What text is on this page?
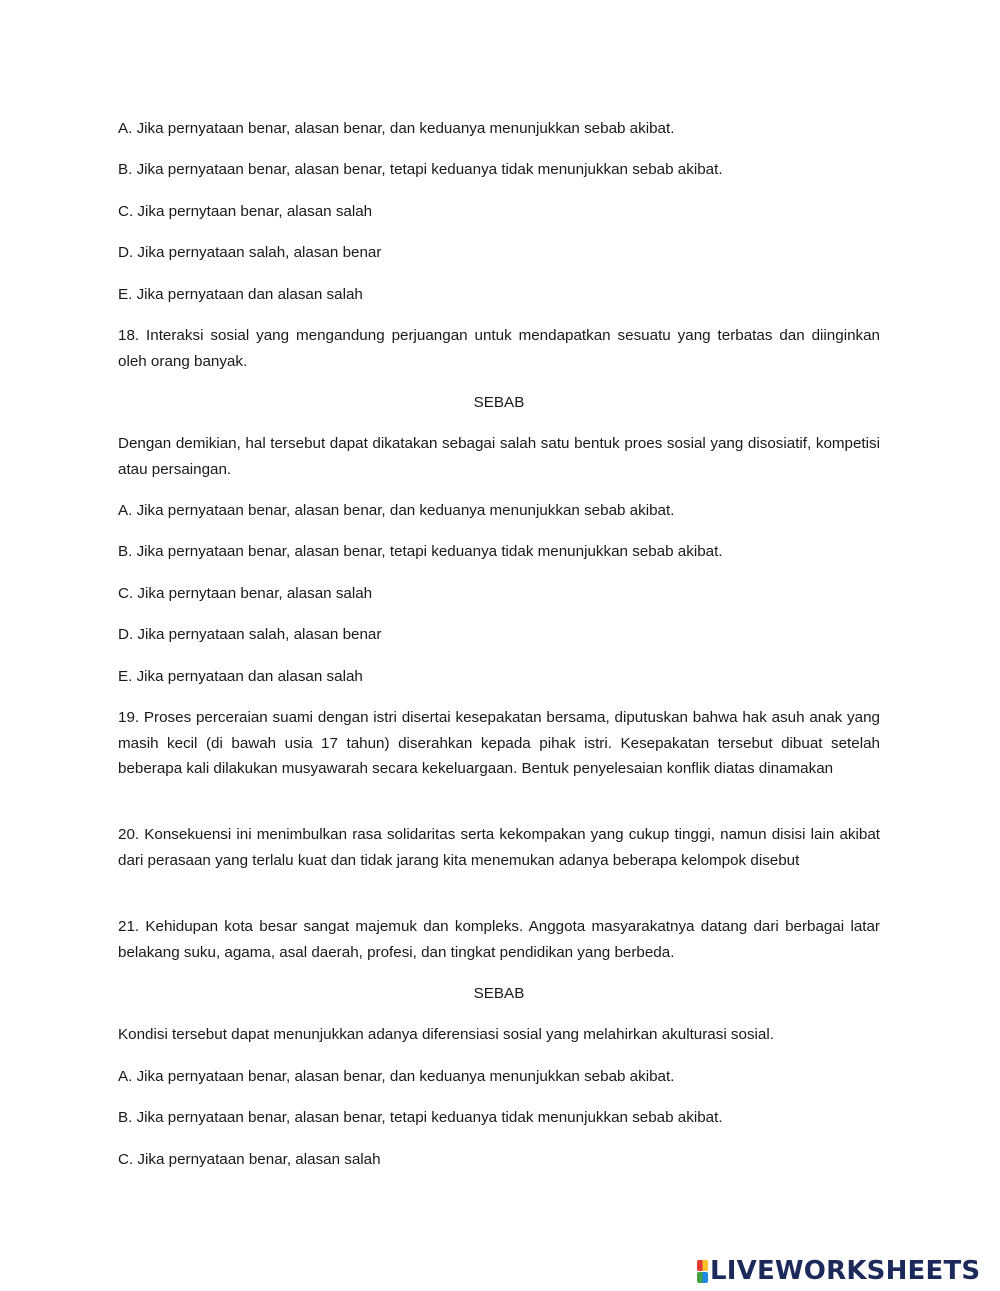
A. Jika pernyataan benar, alasan benar, dan keduanya menunjukkan sebab akibat.

B. Jika pernyataan benar, alasan benar, tetapi keduanya tidak menunjukkan sebab akibat.

C. Jika pernytaan benar, alasan salah

D. Jika pernyataan salah, alasan benar

E. Jika pernyataan dan alasan salah

18. Interaksi sosial yang mengandung perjuangan untuk mendapatkan sesuatu yang terbatas dan diinginkan oleh orang banyak.

SEBAB

Dengan demikian, hal tersebut dapat dikatakan sebagai salah satu bentuk proes sosial yang disosiatif, kompetisi atau persaingan.

A. Jika pernyataan benar, alasan benar, dan keduanya menunjukkan sebab akibat.

B. Jika pernyataan benar, alasan benar, tetapi keduanya tidak menunjukkan sebab akibat.

C. Jika pernytaan benar, alasan salah

D. Jika pernyataan salah, alasan benar

E. Jika pernyataan dan alasan salah

19. Proses perceraian suami dengan istri disertai kesepakatan bersama, diputuskan bahwa hak asuh anak yang masih kecil (di bawah usia 17 tahun) diserahkan kepada pihak istri. Kesepakatan tersebut dibuat setelah beberapa kali dilakukan musyawarah secara kekeluargaan. Bentuk penyelesaian konflik diatas dinamakan

20. Konsekuensi ini menimbulkan rasa solidaritas serta kekompakan yang cukup tinggi, namun disisi lain akibat dari perasaan yang terlalu kuat dan tidak jarang kita menemukan adanya beberapa kelompok disebut

21. Kehidupan kota besar sangat majemuk dan kompleks. Anggota masyarakatnya datang dari berbagai latar belakang suku, agama, asal daerah, profesi, dan tingkat pendidikan yang berbeda.

SEBAB

Kondisi tersebut dapat menunjukkan adanya diferensiasi sosial yang melahirkan akulturasi sosial.

A. Jika pernyataan benar, alasan benar, dan keduanya menunjukkan sebab akibat.

B. Jika pernyataan benar, alasan benar, tetapi keduanya tidak menunjukkan sebab akibat.

C. Jika pernyataan benar, alasan salah

LIVEWORKSHEETS
